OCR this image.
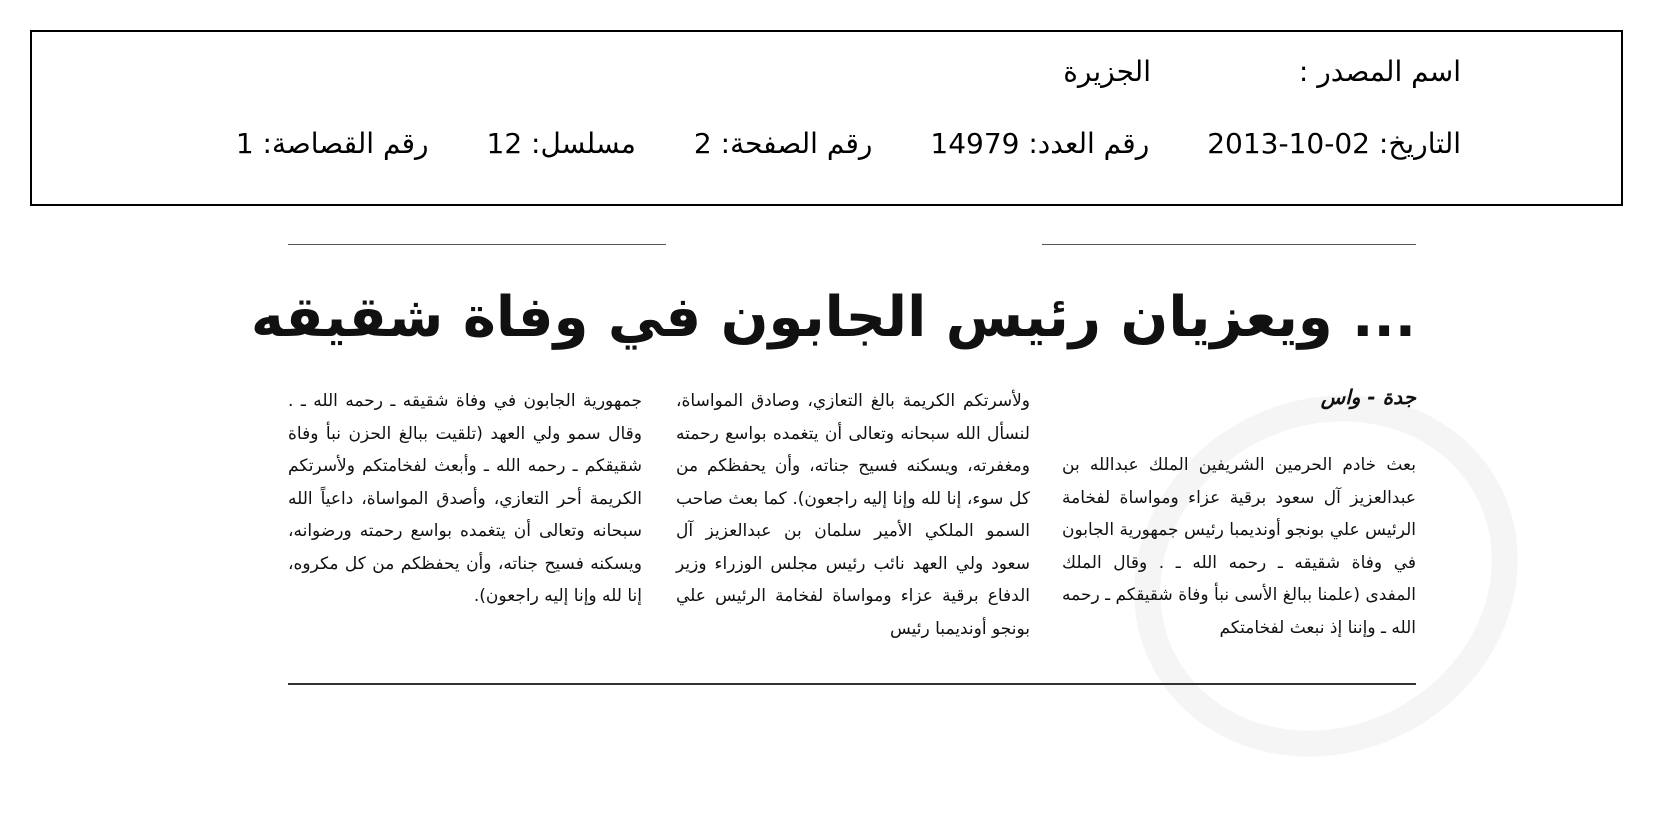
اسم المصدر :
الجزيرة
التاريخ: 02-10-2013رقم العدد: 14979رقم الصفحة: 2مسلسل: 12رقم القصاصة: 1
... ويعزيان رئيس الجابون في وفاة شقيقه
جدة - واس
بعث خادم الحرمين الشريفين الملك عبدالله بن عبدالعزيز آل سعود برقية عزاء ومواساة لفخامة الرئيس علي بونجو أونديمبا رئيس جمهورية الجابون في وفاة شقيقه ـ رحمه الله ـ . وقال الملك المفدى (علمنا ببالغ الأسى نبأ وفاة شقيقكم ـ رحمه الله ـ وإننا إذ نبعث لفخامتكم
ولأسرتكم الكريمة بالغ التعازي، وصادق المواساة، لنسأل الله سبحانه وتعالى أن يتغمده بواسع رحمته ومغفرته، ويسكنه فسيح جناته، وأن يحفظكم من كل سوء، إنا لله وإنا إليه راجعون). كما بعث صاحب السمو الملكي الأمير سلمان بن عبدالعزيز آل سعود ولي العهد نائب رئيس مجلس الوزراء وزير الدفاع برقية عزاء ومواساة لفخامة الرئيس علي بونجو أونديمبا رئيس
جمهورية الجابون في وفاة شقيقه ـ رحمه الله ـ . وقال سمو ولي العهد (تلقيت ببالغ الحزن نبأ وفاة شقيقكم ـ رحمه الله ـ وأبعث لفخامتكم ولأسرتكم الكريمة أحر التعازي، وأصدق المواساة، داعياً الله سبحانه وتعالى أن يتغمده بواسع رحمته ورضوانه، ويسكنه فسيح جناته، وأن يحفظكم من كل مكروه، إنا لله وإنا إليه راجعون).
